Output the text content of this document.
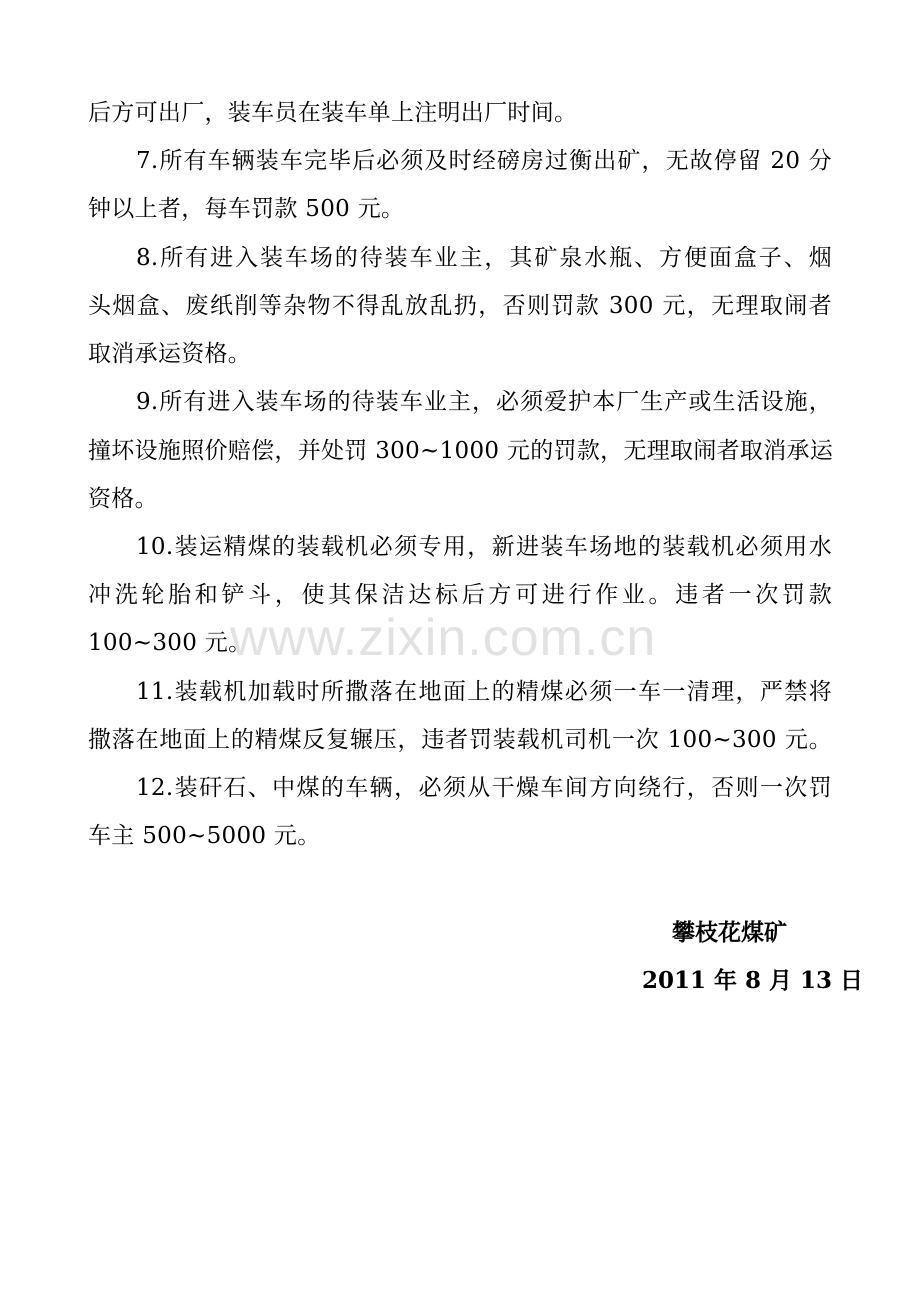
后方可出厂，装车员在装车单上注明出厂时间。
7.所有车辆装车完毕后必须及时经磅房过衡出矿，无故停留 20 分
钟以上者，每车罚款 500 元。
8.所有进入装车场的待装车业主，其矿泉水瓶、方便面盒子、烟
头烟盒、废纸削等杂物不得乱放乱扔，否则罚款 300 元，无理取闹者
取消承运资格。
9.所有进入装车场的待装车业主，必须爱护本厂生产或生活设施，
撞坏设施照价赔偿，并处罚 300~1000 元的罚款，无理取闹者取消承运
资格。
10.装运精煤的装载机必须专用，新进装车场地的装载机必须用水
冲洗轮胎和铲斗，使其保洁达标后方可进行作业。违者一次罚款
100~300 元。
11.装载机加载时所撒落在地面上的精煤必须一车一清理，严禁将
撒落在地面上的精煤反复辗压，违者罚装载机司机一次 100~300 元。
12.装矸石、中煤的车辆，必须从干燥车间方向绕行，否则一次罚
车主 500~5000 元。
攀枝花煤矿
2011 年 8 月 13 日
www.zixin.com.cn
